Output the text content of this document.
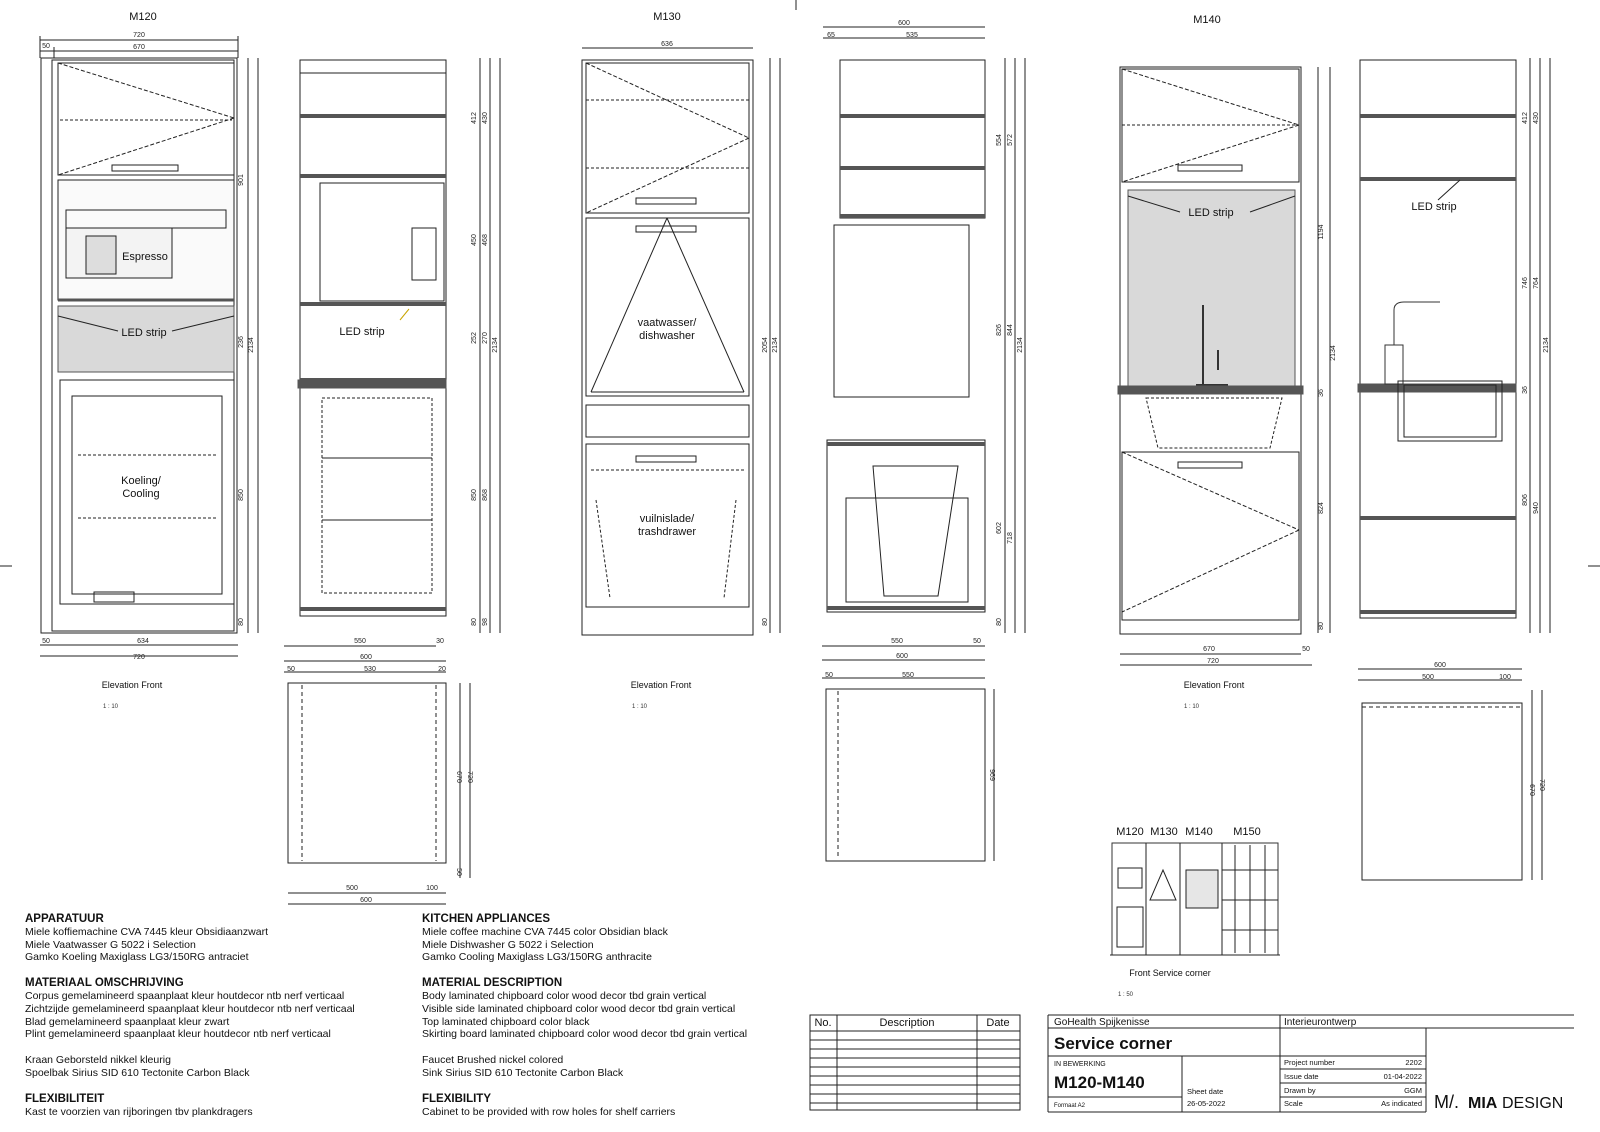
M120	M130	M140
720
50	670
Espresso
LED strip
Koeling/
Cooling
901
236
850
80
2134
50	634
720
Elevation Front
1 : 10
LED strip
412 430
450 468
252 270 2134
850 868
80 98
550	30
600
50	530	20
670 720
50
500	100
600
636
vaatwasser/
dishwasher
vuilnislade/
trashdrawer
2054 2134
80
Elevation Front
1 : 10
600
65	535
554 572
826 844
2134
602
718
80
550	50
600
50	550
969
LED strip
1194
36
824
80
2134
670	50
720
Elevation Front
1 : 10
LED strip
412 430
746 764
36
806
940
2134
600
500	100
670 720
M120 M130 M140 M150
Front Service corner
1 : 50
No.	Description	Date	GoHealth Spijkenisse	Interieurontwerp
Service corner
IN BEWERKING
M120-M140
Formaat A2
Sheet date
26-05-2022
Project number	2202
Issue date	01-04-2022
Drawn by	GGM
Scale	As indicated M/. MIA DESIGN
APPARATUUR
Miele koffiemachine CVA 7445 kleur Obsidiaanzwart
Miele Vaatwasser G 5022 i Selection
Gamko Koeling Maxiglass LG3/150RG antraciet
MATERIAAL OMSCHRIJVING
Corpus gemelamineerd spaanplaat kleur houtdecor ntb nerf verticaal
Zichtzijde gemelamineerd spaanplaat kleur houtdecor ntb nerf verticaal
Blad gemelamineerd spaanplaat kleur zwart
Plint gemelamineerd spaanplaat kleur houtdecor ntb nerf verticaal
Kraan Geborsteld nikkel kleurig
Spoelbak Sirius SID 610 Tectonite Carbon Black
FLEXIBILITEIT
Kast te voorzien van rijboringen tbv plankdragers
KITCHEN APPLIANCES
Miele coffee machine CVA 7445 color Obsidian black
Miele Dishwasher G 5022 i Selection
Gamko Cooling Maxiglass LG3/150RG anthracite
MATERIAL DESCRIPTION
Body laminated chipboard color wood decor tbd grain vertical
Visible side laminated chipboard color wood decor tbd grain vertical
Top laminated chipboard color black
Skirting board laminated chipboard color wood decor tbd grain vertical
Faucet Brushed nickel colored
Sink Sirius SID 610 Tectonite Carbon Black
FLEXIBILITY
Cabinet to be provided with row holes for shelf carriers
